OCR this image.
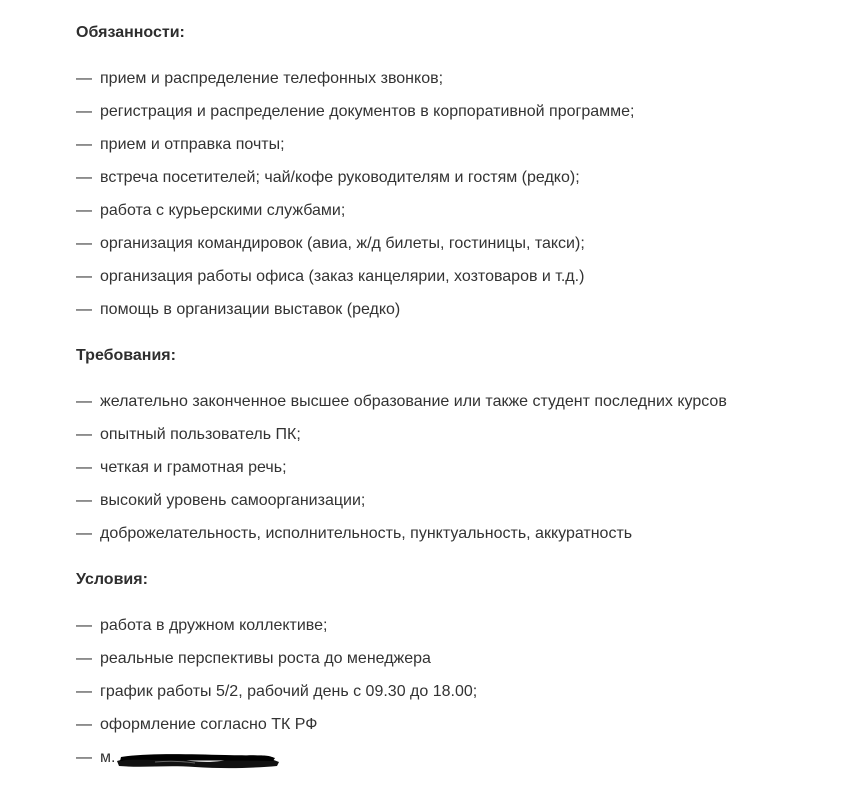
Обязанности:
— прием и распределение телефонных звонков;
— регистрация и распределение документов в корпоративной программе;
— прием и отправка почты;
— встреча посетителей; чай/кофе руководителям и гостям (редко);
— работа с курьерскими службами;
— организация командировок (авиа, ж/д билеты, гостиницы, такси);
— организация работы офиса (заказ канцелярии, хозтоваров и т.д.)
— помощь в организации выставок (редко)
Требования:
— желательно законченное высшее образование или также студент последних курсов
— опытный пользователь ПК;
— четкая и грамотная речь;
— высокий уровень самоорганизации;
— доброжелательность, исполнительность, пунктуальность, аккуратность
Условия:
— работа в дружном коллективе;
— реальные перспективы роста до менеджера
— график работы 5/2, рабочий день с 09.30 до 18.00;
— оформление согласно ТК РФ
— м.
